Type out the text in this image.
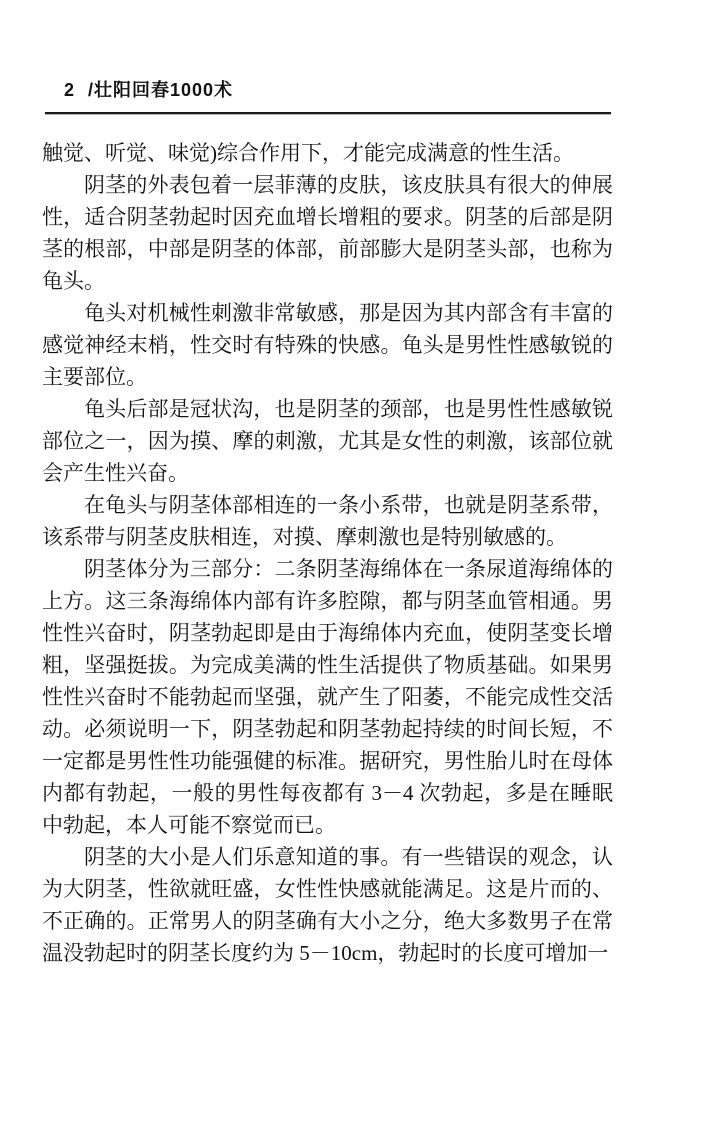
2 /壮阳回春1000术

触觉、听觉、味觉)综合作用下，才能完成满意的性生活。

阴茎的外表包着一层菲薄的皮肤，该皮肤具有很大的伸展性，适合阴茎勃起时因充血增长增粗的要求。阴茎的后部是阴茎的根部，中部是阴茎的体部，前部膨大是阴茎头部，也称为龟头。

龟头对机械性刺激非常敏感，那是因为其内部含有丰富的感觉神经末梢，性交时有特殊的快感。龟头是男性性感敏锐的主要部位。

龟头后部是冠状沟，也是阴茎的颈部，也是男性性感敏锐部位之一，因为摸、摩的刺激，尤其是女性的刺激，该部位就会产生性兴奋。

在龟头与阴茎体部相连的一条小系带，也就是阴茎系带，该系带与阴茎皮肤相连，对摸、摩刺激也是特别敏感的。

阴茎体分为三部分：二条阴茎海绵体在一条尿道海绵体的上方。这三条海绵体内部有许多腔隙，都与阴茎血管相通。男性性兴奋时，阴茎勃起即是由于海绵体内充血，使阴茎变长增粗，坚强挺拔。为完成美满的性生活提供了物质基础。如果男性性兴奋时不能勃起而坚强，就产生了阳萎，不能完成性交活动。必须说明一下，阴茎勃起和阴茎勃起持续的时间长短，不一定都是男性性功能强健的标准。据研究，男性胎儿时在母体内都有勃起，一般的男性每夜都有 3－4 次勃起，多是在睡眠中勃起，本人可能不察觉而已。

阴茎的大小是人们乐意知道的事。有一些错误的观念，认为大阴茎，性欲就旺盛，女性性快感就能满足。这是片而的、不正确的。正常男人的阴茎确有大小之分，绝大多数男子在常温没勃起时的阴茎长度约为 5－10cm，勃起时的长度可增加一
